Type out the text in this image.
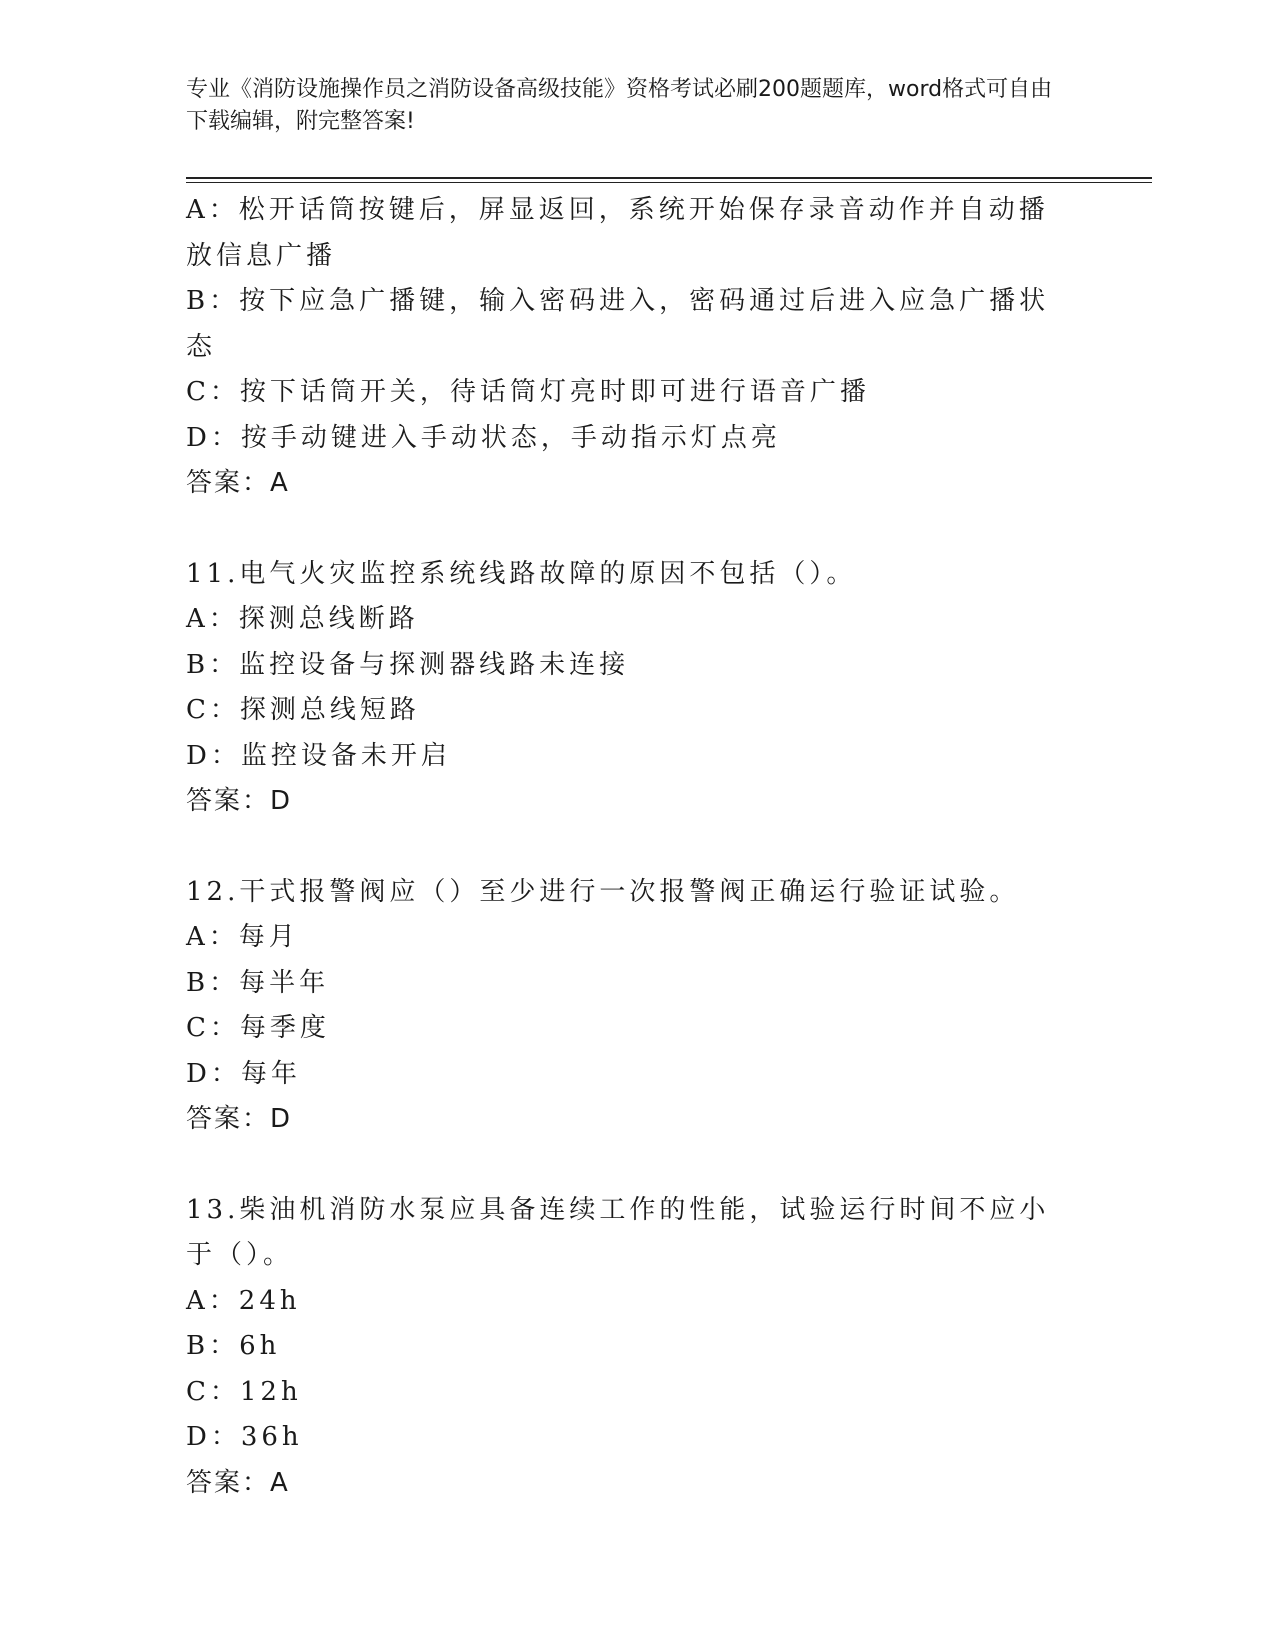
专业《消防设施操作员之消防设备高级技能》资格考试必刷200题题库，word格式可自由下载编辑，附完整答案!
A：松开话筒按键后，屏显返回，系统开始保存录音动作并自动播放信息广播
B：按下应急广播键，输入密码进入，密码通过后进入应急广播状态
C：按下话筒开关，待话筒灯亮时即可进行语音广播
D：按手动键进入手动状态，手动指示灯点亮
答案：A
11.电气火灾监控系统线路故障的原因不包括（）。
A：探测总线断路
B：监控设备与探测器线路未连接
C：探测总线短路
D：监控设备未开启
答案：D
12.干式报警阀应（）至少进行一次报警阀正确运行验证试验。
A：每月
B：每半年
C：每季度
D：每年
答案：D
13.柴油机消防水泵应具备连续工作的性能，试验运行时间不应小于（）。
A：24h
B：6h
C：12h
D：36h
答案：A
